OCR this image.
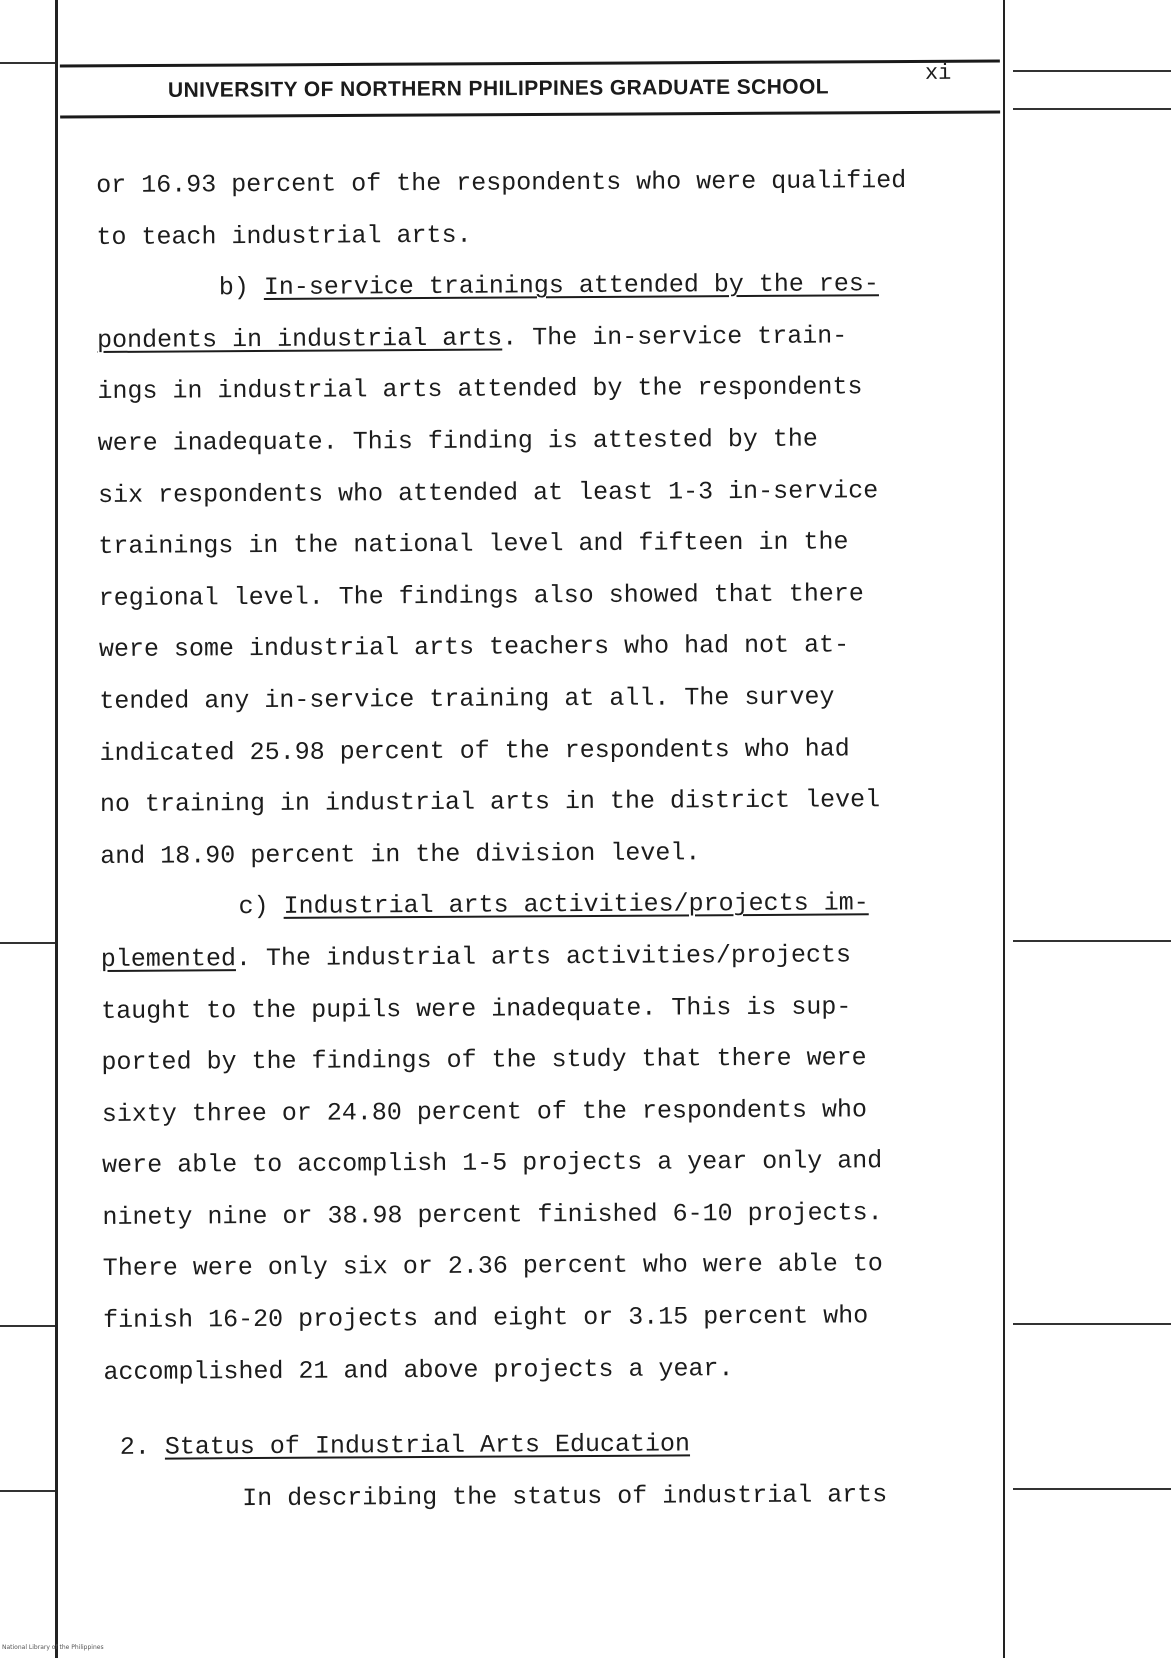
UNIVERSITY OF NORTHERN PHILIPPINES GRADUATE SCHOOL
xi
or 16.93 percent of the respondents who were qualified
to teach industrial arts.
b) In-service trainings attended by the res-
pondents in industrial arts. The in-service train-
ings in industrial arts attended by the respondents
were inadequate. This finding is attested by the
six respondents who attended at least 1-3 in-service
trainings in the national level and fifteen in the
regional level. The findings also showed that there
were some industrial arts teachers who had not at-
tended any in-service training at all. The survey
indicated 25.98 percent of the respondents who had
no training in industrial arts in the district level
and 18.90 percent in the division level.
c) Industrial arts activities/projects im-
plemented. The industrial arts activities/projects
taught to the pupils were inadequate. This is sup-
ported by the findings of the study that there were
sixty three or 24.80 percent of the respondents who
were able to accomplish 1-5 projects a year only and
ninety nine or 38.98 percent finished 6-10 projects.
There were only six or 2.36 percent who were able to
finish 16-20 projects and eight or 3.15 percent who
accomplished 21 and above projects a year.
2. Status of Industrial Arts Education
In describing the status of industrial arts
National Library of the Philippines
